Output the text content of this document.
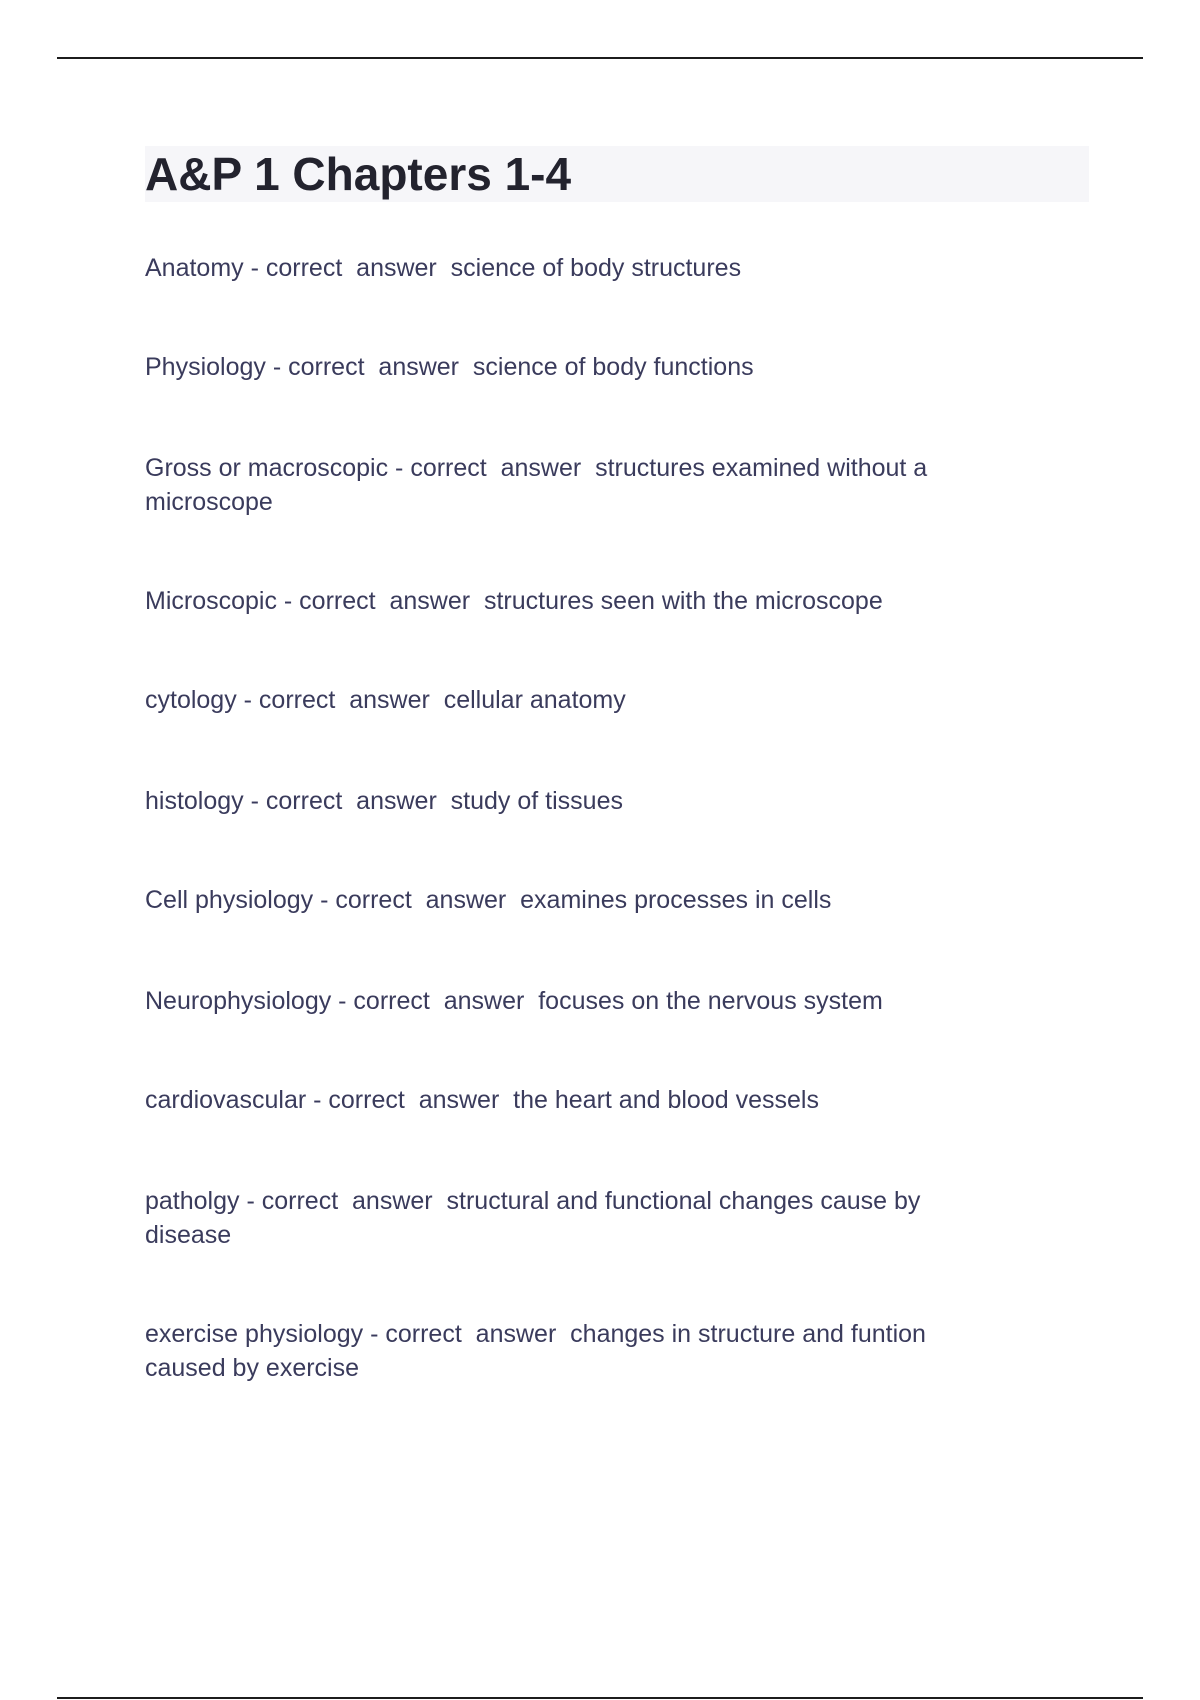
A&P 1 Chapters 1-4

Anatomy - correct  answer  science of body structures

Physiology - correct  answer  science of body functions

Gross or macroscopic - correct  answer  structures examined without a
microscope

Microscopic - correct  answer  structures seen with the microscope

cytology - correct  answer  cellular anatomy

histology - correct  answer  study of tissues

Cell physiology - correct  answer  examines processes in cells

Neurophysiology - correct  answer  focuses on the nervous system

cardiovascular - correct  answer  the heart and blood vessels

patholgy - correct  answer  structural and functional changes cause by
disease

exercise physiology - correct  answer  changes in structure and funtion
caused by exercise
